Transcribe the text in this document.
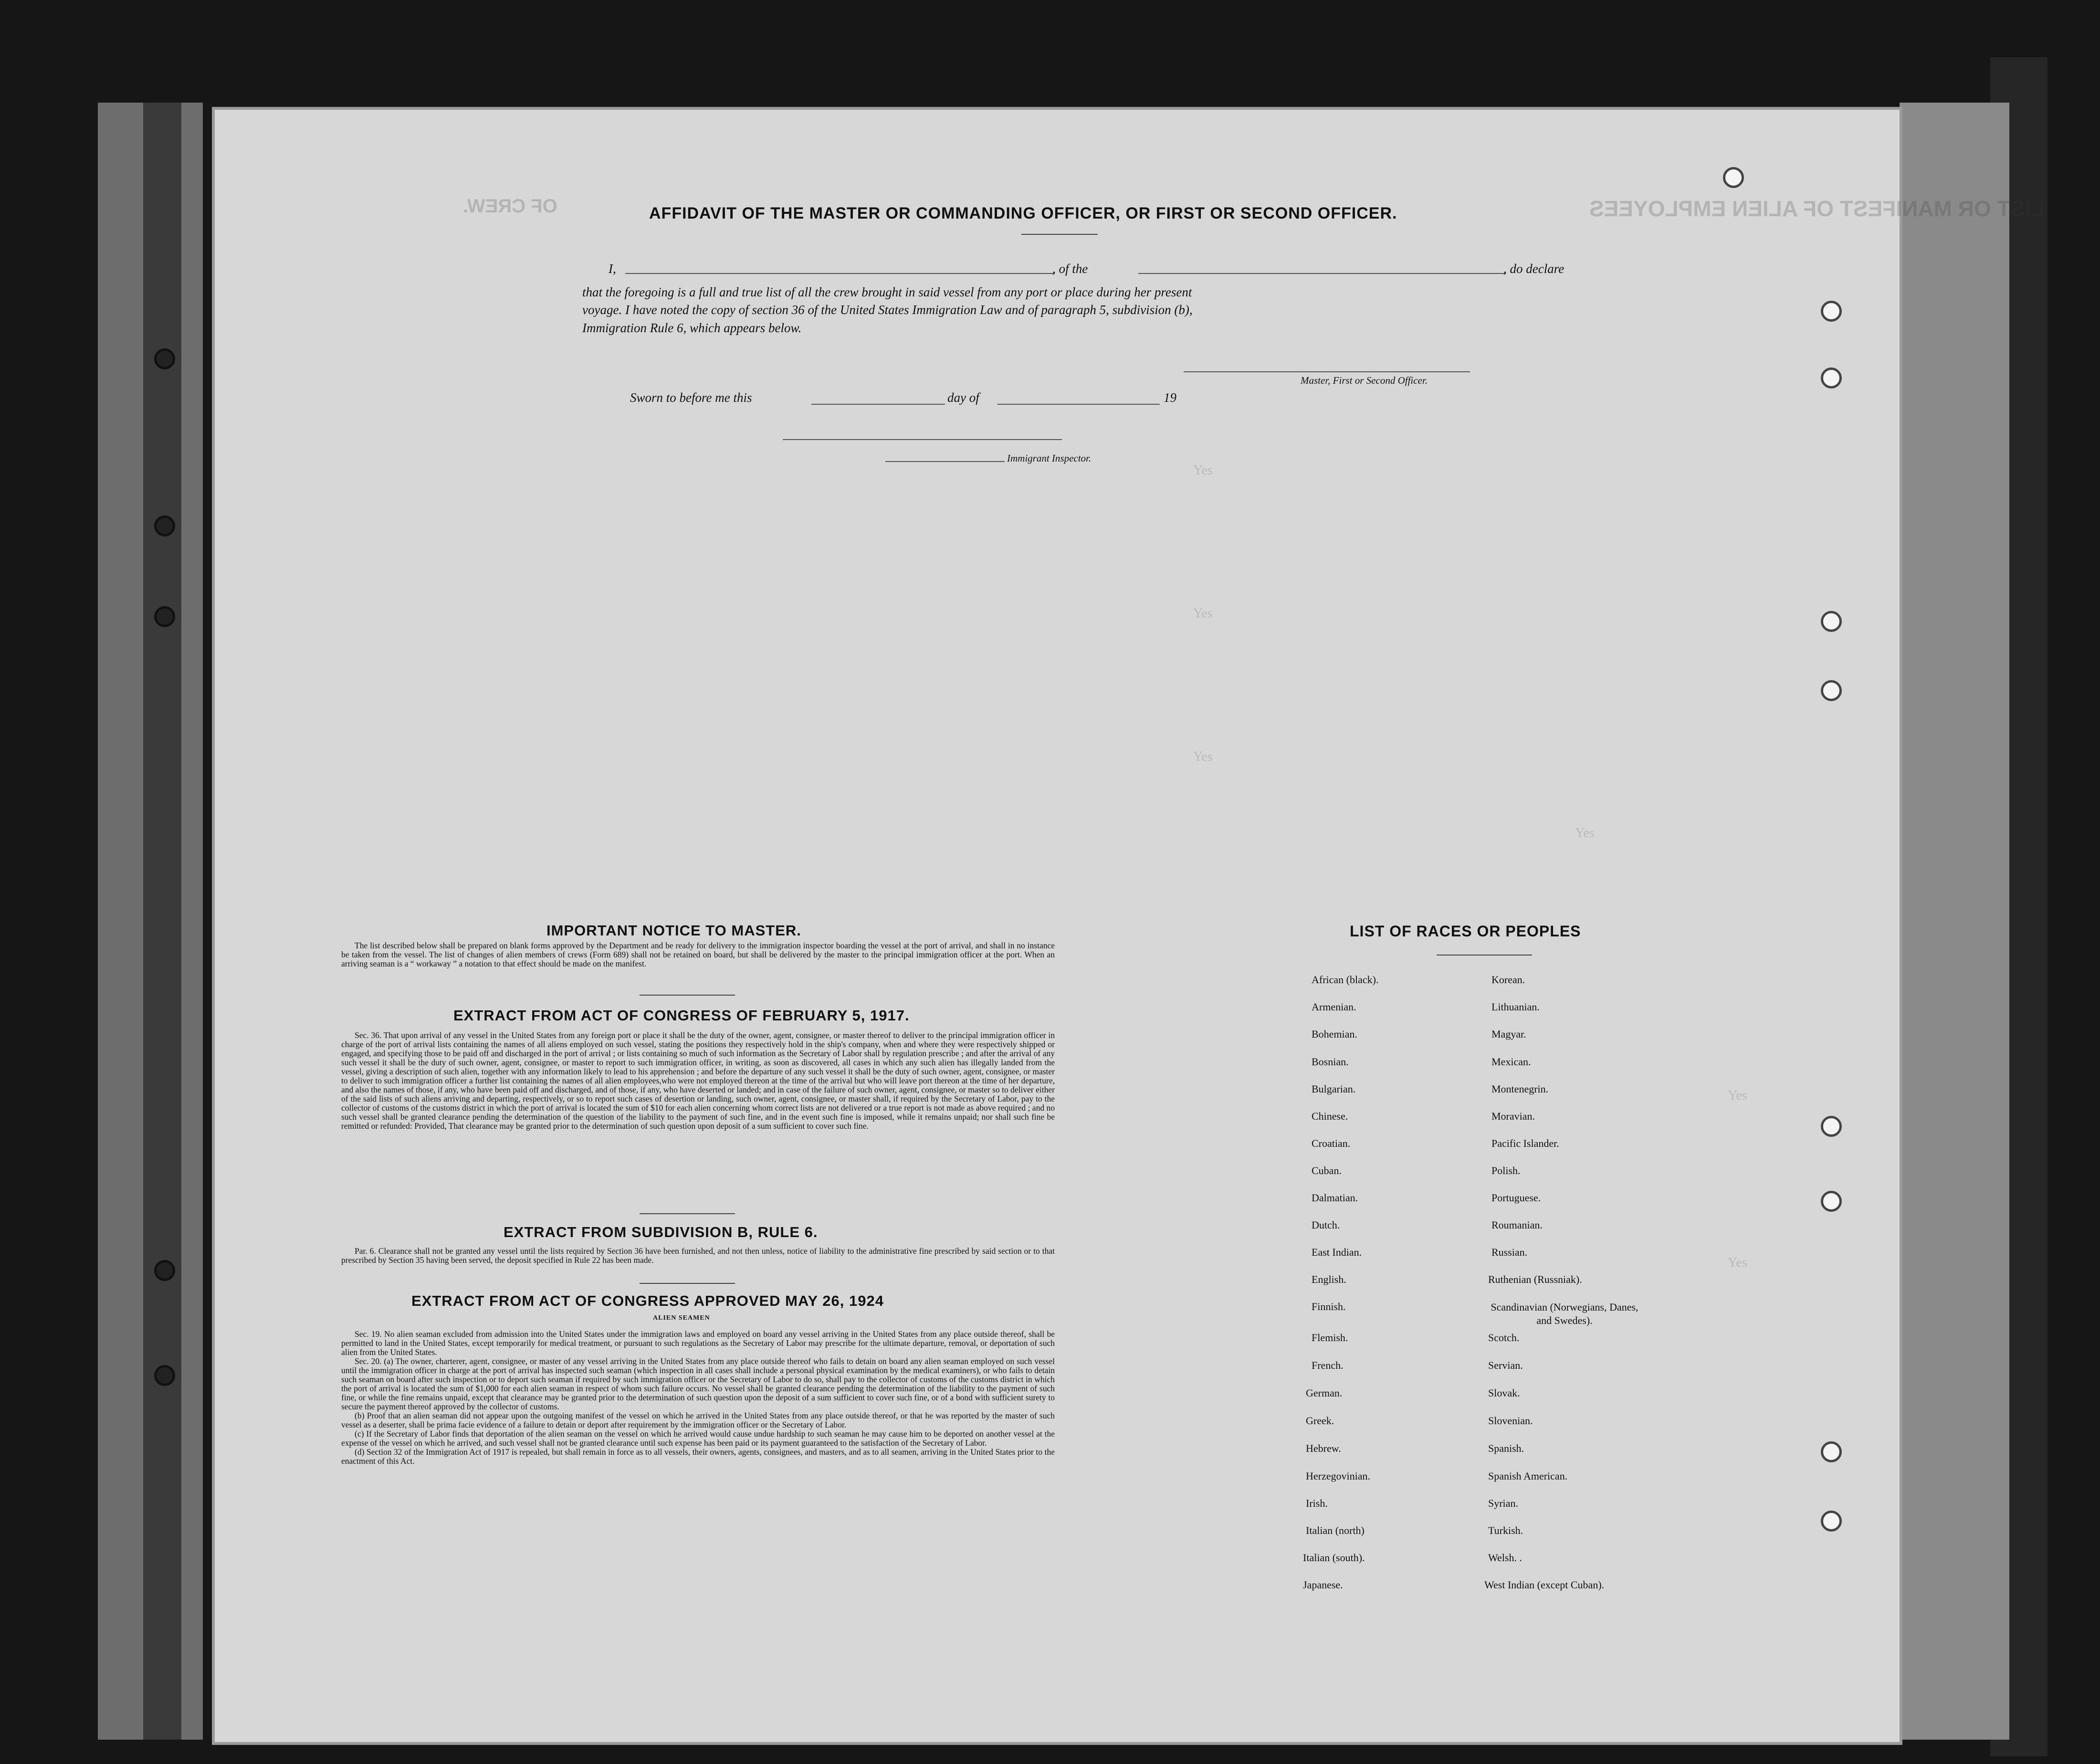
LIST OR MANIFEST OF ALIEN EMPLOYEES
OF CREW.
Yes
Yes
Yes
Yes
Yes
Yes
AFFIDAVIT OF THE MASTER OR COMMANDING OFFICER, OR FIRST OR SECOND OFFICER.
I,	, of the	, do declare
that the foregoing is a full and true list of all the crew brought in said vessel from any port or place during her present
voyage. I have noted the copy of section 36 of the United States Immigration Law and of paragraph 5, subdivision (b),
Immigration Rule 6, which appears below.
Master, First or Second Officer.
Sworn to before me this	day of	19
Immigrant Inspector.
IMPORTANT NOTICE TO MASTER.

The list described below shall be prepared on blank forms approved by the Department and be ready for delivery to the immigration inspector boarding the vessel at the port of arrival, and shall in no instance be taken from the vessel. The list of changes of alien members of crews (Form 689) shall not be retained on board, but shall be delivered by the master to the principal immigration officer at the port. When an arriving seaman is a “ workaway ” a notation to that effect should be made on the manifest.

EXTRACT FROM ACT OF CONGRESS OF FEBRUARY 5, 1917.

Sec. 36. That upon arrival of any vessel in the United States from any foreign port or place it shall be the duty of the owner, agent, consignee, or master thereof to deliver to the principal immigration officer in charge of the port of arrival lists containing the names of all aliens employed on such vessel, stating the positions they respectively hold in the ship's company, when and where they were respectively shipped or engaged, and specifying those to be paid off and discharged in the port of arrival ; or lists containing so much of such information as the Secretary of Labor shall by regulation prescribe ; and after the arrival of any such vessel it shall be the duty of such owner, agent, consignee, or master to report to such immigration officer, in writing, as soon as discovered, all cases in which any such alien has illegally landed from the vessel, giving a description of such alien, together with any information likely to lead to his apprehension ; and before the departure of any such vessel it shall be the duty of such owner, agent, consignee, or master to deliver to such immigration officer a further list containing the names of all alien employees,who were not employed thereon at the time of the arrival but who will leave port thereon at the time of her departure, and also the names of those, if any, who have been paid off and discharged, and of those, if any, who have deserted or landed; and in case of the failure of such owner, agent, consignee, or master so to deliver either of the said lists of such aliens arriving and departing, respectively, or so to report such cases of desertion or landing, such owner, agent, consignee, or master shall, if required by the Secretary of Labor, pay to the collector of customs of the customs district in which the port of arrival is located the sum of $10 for each alien concerning whom correct lists are not delivered or a true report is not made as above required ; and no such vessel shall be granted clearance pending the determination of the question of the liability to the payment of such fine, and in the event such fine is imposed, while it remains unpaid; nor shall such fine be remitted or refunded: Provided, That clearance may be granted prior to the determination of such question upon deposit of a sum sufficient to cover such fine.

EXTRACT FROM SUBDIVISION B, RULE 6.

Par. 6. Clearance shall not be granted any vessel until the lists required by Section 36 have been furnished, and not then unless, notice of liability to the administrative fine prescribed by said section or to that prescribed by Section 35 having been served, the deposit specified in Rule 22 has been made.

EXTRACT FROM ACT OF CONGRESS APPROVED MAY 26, 1924
ALIEN SEAMEN

Sec. 19. No alien seaman excluded from admission into the United States under the immigration laws and employed on board any vessel arriving in the United States from any place outside thereof, shall be permitted to land in the United States, except temporarily for medical treatment, or pursuant to such regulations as the Secretary of Labor may prescribe for the ultimate departure, removal, or deportation of such alien from the United States.

Sec. 20. (a) The owner, charterer, agent, consignee, or master of any vessel arriving in the United States from any place outside thereof who fails to detain on board any alien seaman employed on such vessel until the immigration officer in charge at the port of arrival has inspected such seaman (which inspection in all cases shall include a personal physical examination by the medical examiners), or who fails to detain such seaman on board after such inspection or to deport such seaman if required by such immigration officer or the Secretary of Labor to do so, shall pay to the collector of customs of the customs district in which the port of arrival is located the sum of $1,000 for each alien seaman in respect of whom such failure occurs. No vessel shall be granted clearance pending the determination of the liability to the payment of such fine, or while the fine remains unpaid, except that clearance may be granted prior to the determination of such question upon the deposit of a sum sufficient to cover such fine, or of a bond with sufficient surety to secure the payment thereof approved by the collector of customs.

(b) Proof that an alien seaman did not appear upon the outgoing manifest of the vessel on which he arrived in the United States from any place outside thereof, or that he was reported by the master of such vessel as a deserter, shall be prima facie evidence of a failure to detain or deport after requirement by the immigration officer or the Secretary of Labor.

(c) If the Secretary of Labor finds that deportation of the alien seaman on the vessel on which he arrived would cause undue hardship to such seaman he may cause him to be deported on another vessel at the expense of the vessel on which he arrived, and such vessel shall not be granted clearance until such expense has been paid or its payment guaranteed to the satisfaction of the Secretary of Labor.

(d) Section 32 of the Immigration Act of 1917 is repealed, but shall remain in force as to all vessels, their owners, agents, consignees, and masters, and as to all seamen, arriving in the United States prior to the enactment of this Act.

LIST OF RACES OR PEOPLES
African (black).
Armenian.
Bohemian.
Bosnian.
Bulgarian.
Chinese.
Croatian.
Cuban.
Dalmatian.
Dutch.
East Indian.
English.
Finnish.
Flemish.
French.
German.
Greek.
Hebrew.
Herzegovinian.
Irish.
Italian (north)
Italian (south).
Japanese.
Korean.
Lithuanian.
Magyar.
Mexican.
Montenegrin.
Moravian.
Pacific Islander.
Polish.
Portuguese.
Roumanian.
Russian.
Ruthenian (Russniak).
Scandinavian (Norwegians, Danes, and Swedes).
Scotch.
Servian.
Slovak.
Slovenian.
Spanish.
Spanish American.
Syrian.
Turkish.
Welsh. .
West Indian (except Cuban).
